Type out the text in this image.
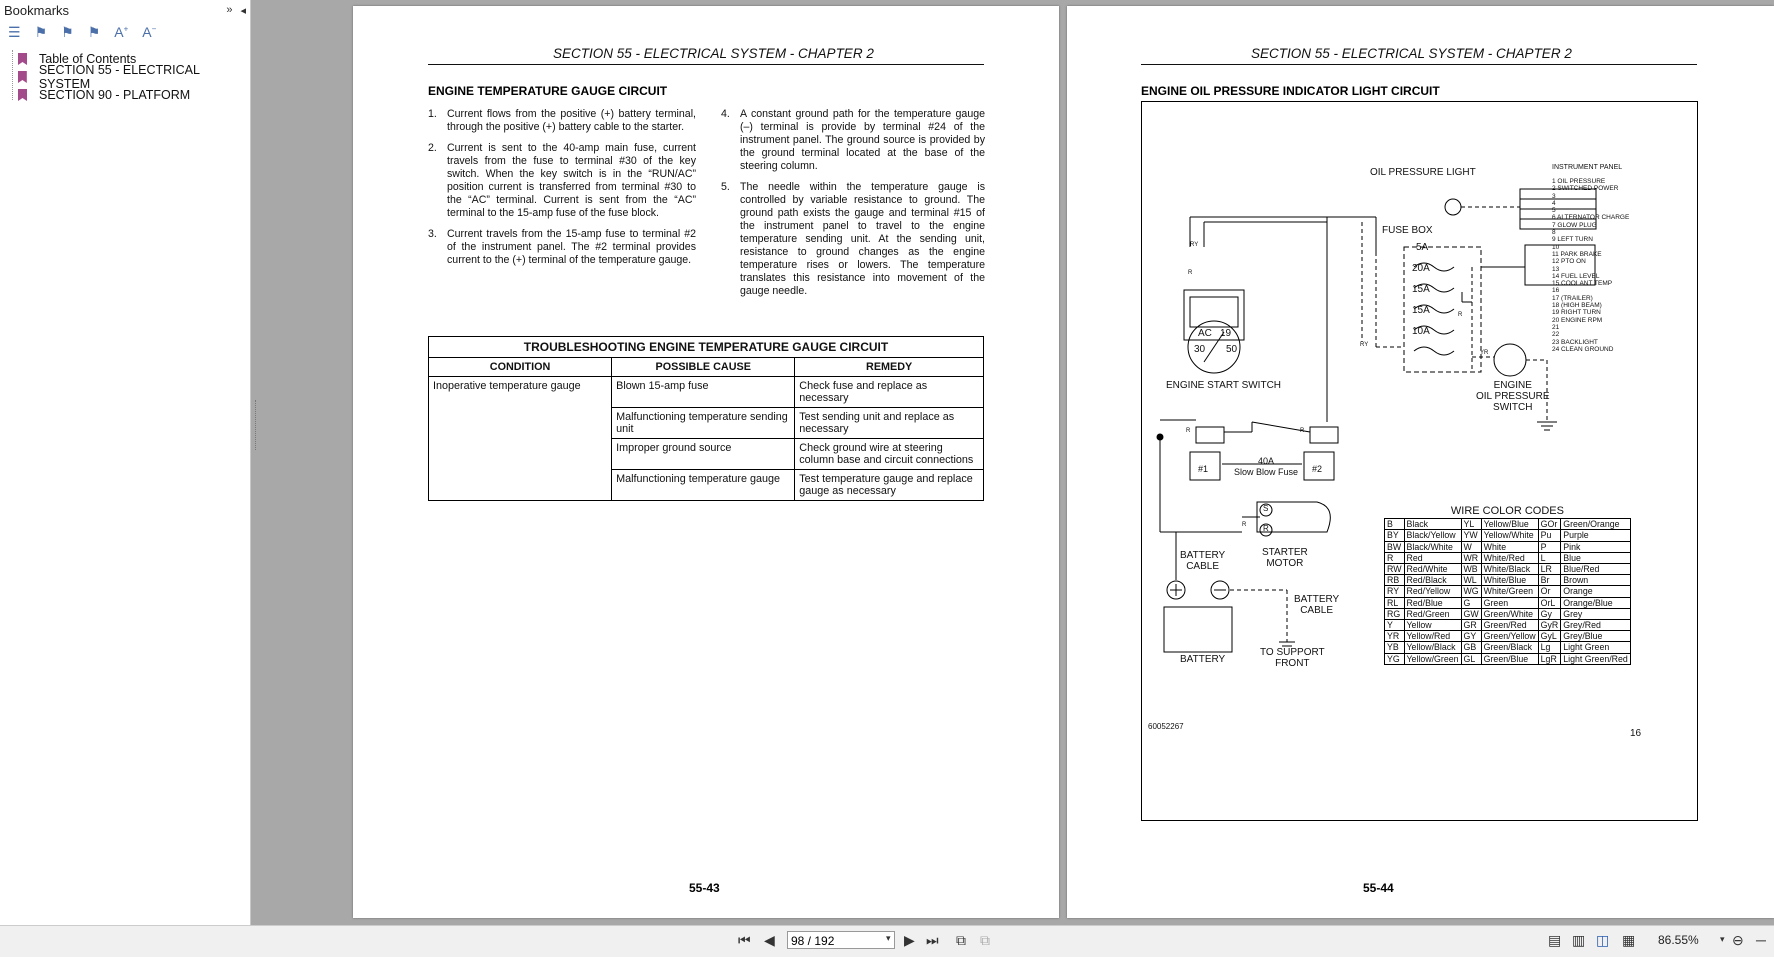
Bookmarks	» ◂
☰ ⚑ ⚑ ⚑ A+ A−
Table of Contents
SECTION 55 - ELECTRICAL SYSTEM
SECTION 90 - PLATFORM
SECTION 55 - ELECTRICAL SYSTEM - CHAPTER 2
ENGINE TEMPERATURE GAUGE CIRCUIT
1. Current flows from the positive (+) battery terminal, through the positive (+) battery cable to the starter.
2. Current is sent to the 40-amp main fuse, current travels from the fuse to terminal #30 of the key switch. When the key switch is in the “RUN/AC” position current is transferred from terminal #30 to the “AC” terminal. Current is sent from the “AC” terminal to the 15-amp fuse of the fuse block.
3. Current travels from the 15-amp fuse to terminal #2 of the instrument panel. The #2 terminal provides current to the (+) terminal of the temperature gauge.
4. A constant ground path for the temperature gauge (–) terminal is provide by terminal #24 of the instrument panel. The ground source is provided by the ground terminal located at the base of the steering column.
5. The needle within the temperature gauge is controlled by variable resistance to ground. The ground path exists the gauge and terminal #15 of the instrument panel to travel to the engine temperature sending unit. At the sending unit, resistance to ground changes as the engine temperature rises or lowers. The temperature translates this resistance into movement of the gauge needle.
TROUBLESHOOTING ENGINE TEMPERATURE GAUGE CIRCUIT		
CONDITION	POSSIBLE CAUSE	REMEDY
Inoperative temperature gauge	Blown 15-amp fuse	Check fuse and replace as necessary
	Malfunctioning temperature sending unit	Test sending unit and replace as necessary
	Improper ground source	Check ground wire at steering column base and circuit connections
	Malfunctioning temperature gauge	Test temperature gauge and replace gauge as necessary
55-43
SECTION 55 - ELECTRICAL SYSTEM - CHAPTER 2
ENGINE OIL PRESSURE INDICATOR LIGHT CIRCUIT
OIL PRESSURE LIGHT	INSTRUMENT PANEL
1 OIL PRESSURE
2 SWITCHED POWER
3
4
5
6 ALTERNATOR CHARGE
7 GLOW PLUG
8
9 LEFT TURN
10
11 PARK BRAKE
12 PTO ON
13
14 FUEL LEVEL
15 COOLANT TEMP
16
17 (TRAILER)
18 (HIGH BEAM)
19 RIGHT TURN
20 ENGINE RPM
21
22
23 BACKLIGHT
24 CLEAN GROUND
FUSE BOX
5A
20A
15A
15A
10A
AC 19
30 50
ENGINE START SWITCH	ENGINE
OIL PRESSURE
SWITCH
40A
Slow Blow Fuse
#1	#2
S
R
STARTER
MOTOR
BATTERY
CABLE
BATTERY
CABLE
BATTERY
TO SUPPORT
FRONT
RY
R
R	R
R
R
RY
YR
60052267
WIRE COLOR CODES					
B	Black	YL	Yellow/Blue	GOr	Green/Orange
BY	Black/Yellow	YW	Yellow/White	Pu	Purple
BW	Black/White	W	White	P	Pink
R	Red	WR	White/Red	L	Blue
RW	Red/White	WB	White/Black	LR	Blue/Red
RB	Red/Black	WL	White/Blue	Br	Brown
RY	Red/Yellow	WG	White/Green	Or	Orange
RL	Red/Blue	G	Green	OrL	Orange/Blue
RG	Red/Green	GW	Green/White	Gy	Grey
Y	Yellow	GR	Green/Red	GyR	Grey/Red
YR	Yellow/Red	GY	Green/Yellow	GyL	Grey/Blue
YB	Yellow/Black	GB	Green/Black	Lg	Light Green
YG	Yellow/Green	GL	Green/Blue	LgR	Light Green/Red
16
55-44
⏮ ◀	98 / 192	▾ ▶ ⏭ ⧉ ⧉	▤ ▥ ◫ ▦ 86.55% ▾ ⊖ ─
